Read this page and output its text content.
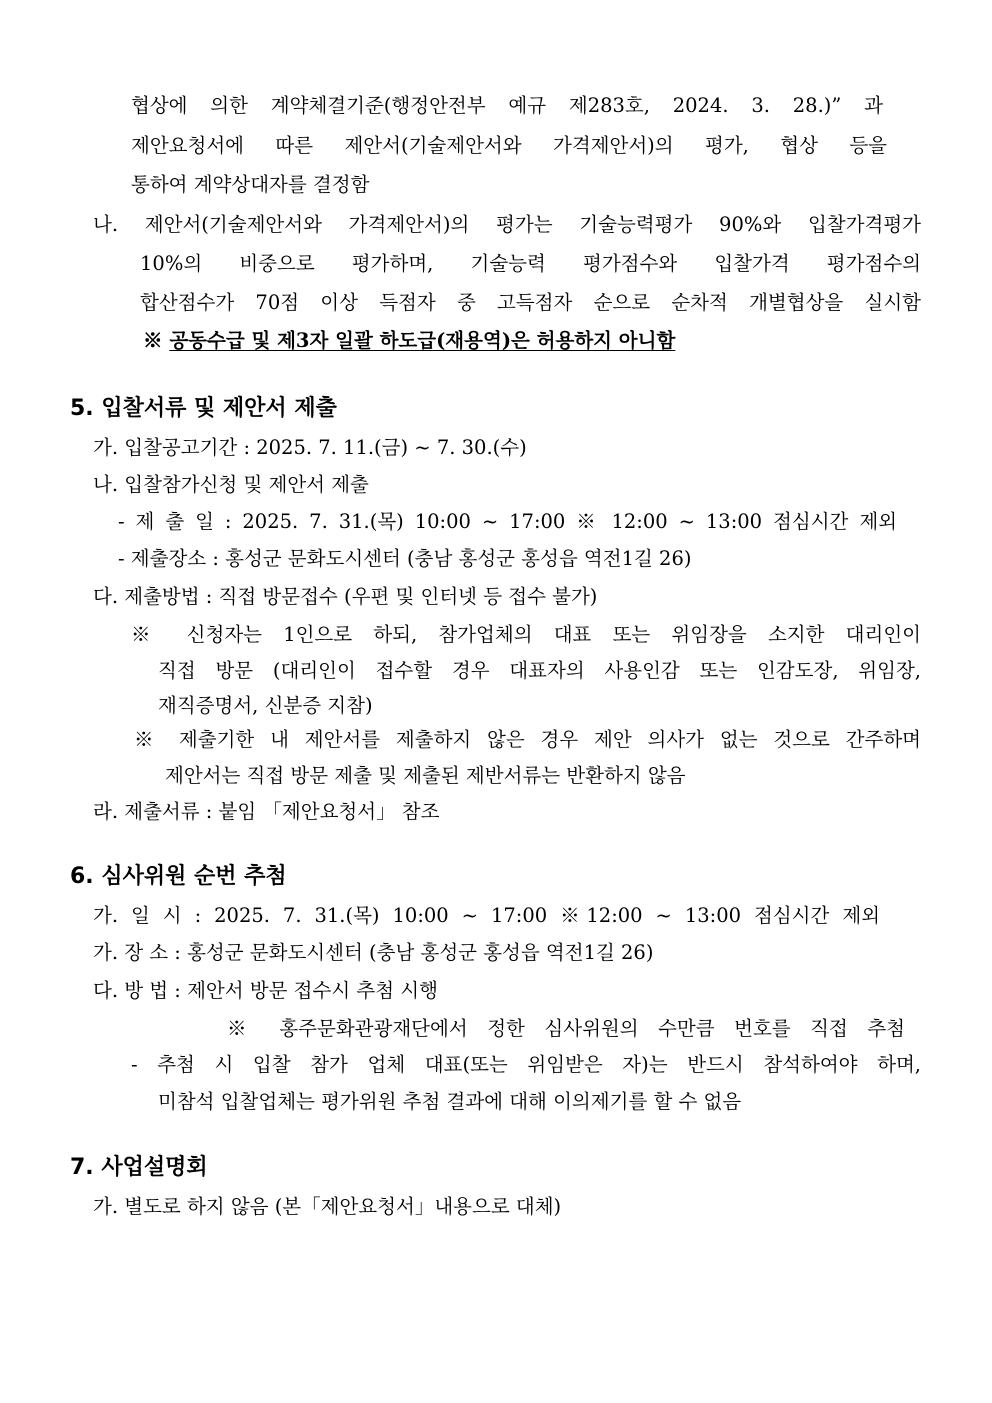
협상에 의한 계약체결기준(행정안전부 예규 제283호, 2024. 3. 28.)” 과
제안요청서에 따른 제안서(기술제안서와 가격제안서)의 평가, 협상 등을
통하여 계약상대자를 결정함
나. 제안서(기술제안서와 가격제안서)의 평가는 기술능력평가 90%와 입찰가격평가
10%의 비중으로 평가하며, 기술능력 평가점수와 입찰가격 평가점수의
합산점수가 70점 이상 득점자 중 고득점자 순으로 순차적 개별협상을 실시함
※ 공동수급 및 제3자 일괄 하도급(재용역)은 허용하지 아니함
5. 입찰서류 및 제안서 제출
가. 입찰공고기간 : 2025. 7. 11.(금) ~ 7. 30.(수)
나. 입찰참가신청 및 제안서 제출
- 제 출 일 : 2025. 7. 31.(목) 10:00 ~ 17:00 ※ 12:00 ~ 13:00 점심시간 제외
- 제출장소 : 홍성군 문화도시센터 (충남 홍성군 홍성읍 역전1길 26)
다. 제출방법 : 직접 방문접수 (우편 및 인터넷 등 접수 불가)
※ 신청자는 1인으로 하되, 참가업체의 대표 또는 위임장을 소지한 대리인이
직접 방문 (대리인이 접수할 경우 대표자의 사용인감 또는 인감도장, 위임장,
재직증명서, 신분증 지참)
※ 제출기한 내 제안서를 제출하지 않은 경우 제안 의사가 없는 것으로 간주하며
제안서는 직접 방문 제출 및 제출된 제반서류는 반환하지 않음
라. 제출서류 : 붙임 「제안요청서」 참조
6. 심사위원 순번 추첨
가. 일 시 : 2025. 7. 31.(목) 10:00 ~ 17:00 ※12:00 ~ 13:00 점심시간 제외
가. 장 소 : 홍성군 문화도시센터 (충남 홍성군 홍성읍 역전1길 26)
다. 방 법 : 제안서 방문 접수시 추첨 시행
※ 홍주문화관광재단에서 정한 심사위원의 수만큼 번호를 직접 추첨
- 추첨 시 입찰 참가 업체 대표(또는 위임받은 자)는 반드시 참석하여야 하며,
미참석 입찰업체는 평가위원 추첨 결과에 대해 이의제기를 할 수 없음
7. 사업설명회
가. 별도로 하지 않음 (본「제안요청서」내용으로 대체)
